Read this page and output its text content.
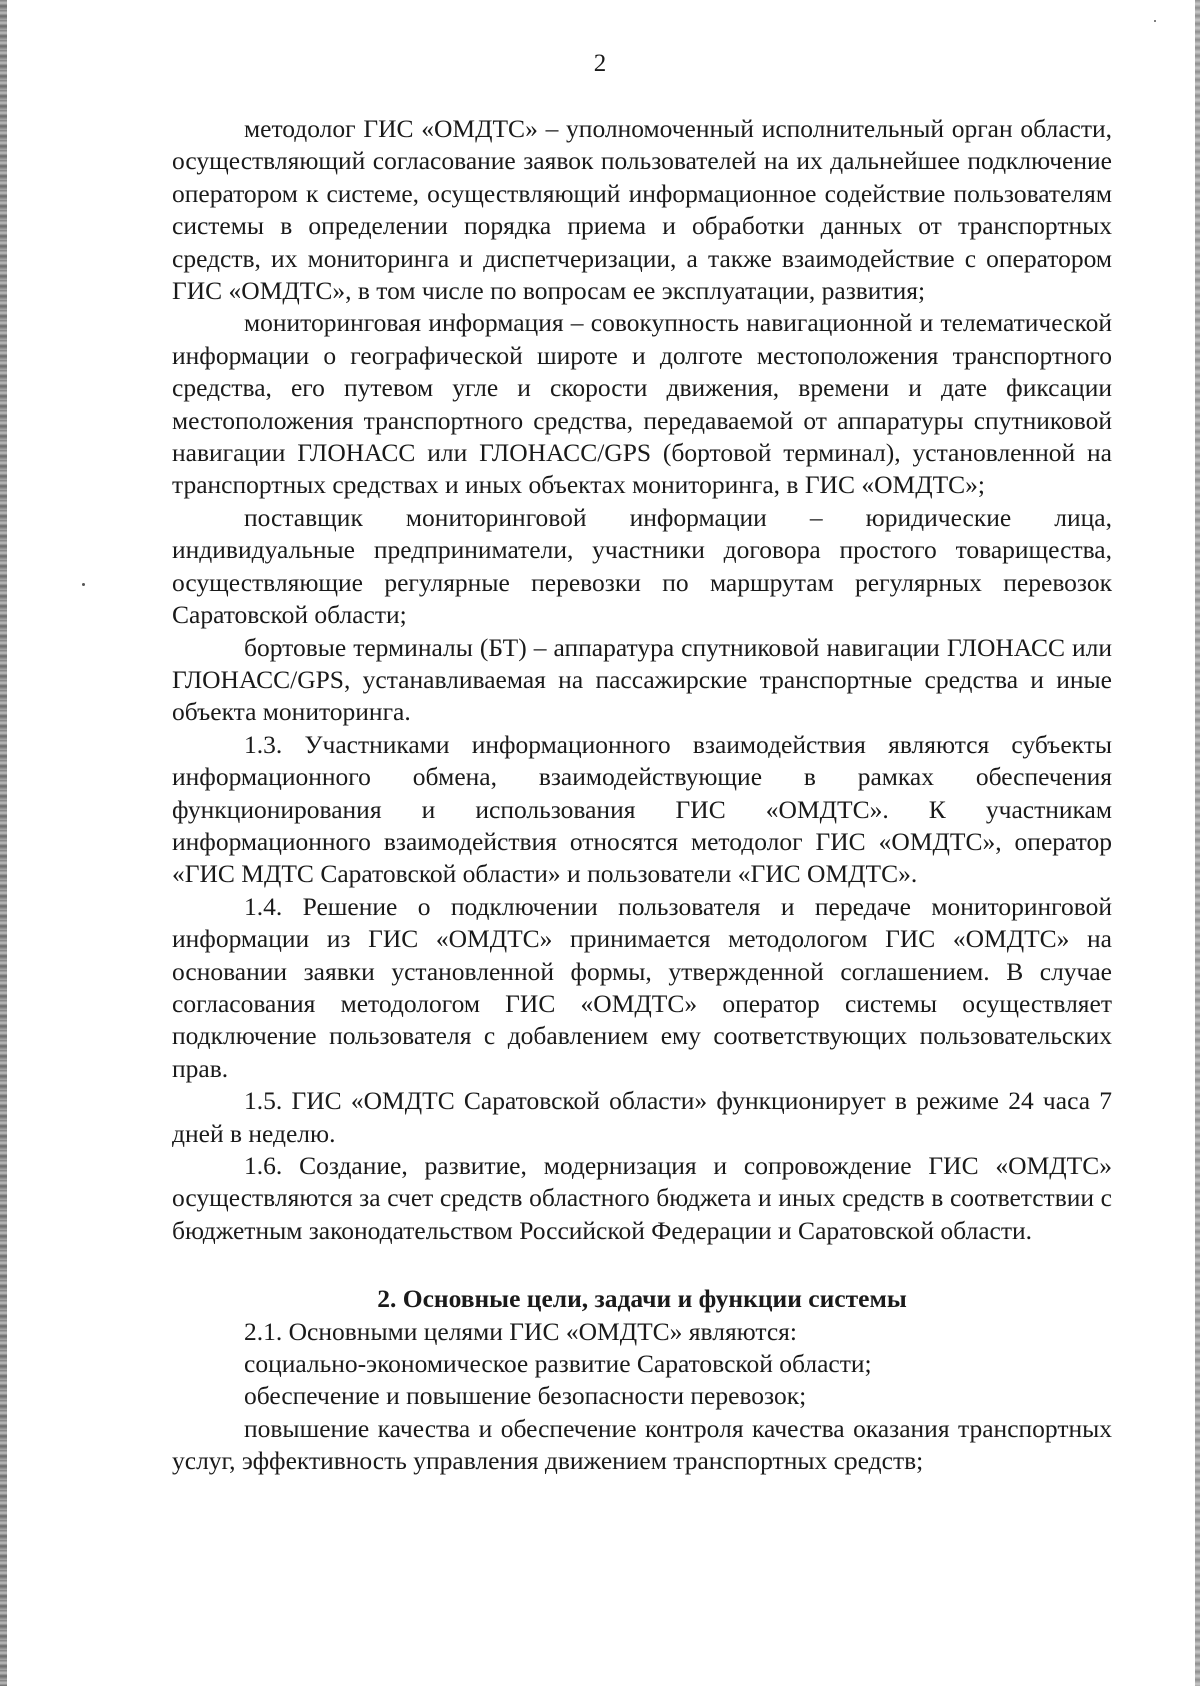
2

методолог ГИС «ОМДТС» – уполномоченный исполнительный орган области, осуществляющий согласование заявок пользователей на их дальнейшее подключение оператором к системе, осуществляющий информационное содействие пользователям системы в определении порядка приема и обработки данных от транспортных средств, их мониторинга и диспетчеризации, а также взаимодействие с оператором ГИС «ОМДТС», в том числе по вопросам ее эксплуатации, развития;

мониторинговая информация – совокупность навигационной и телематической информации о географической широте и долготе местоположения транспортного средства, его путевом угле и скорости движения, времени и дате фиксации местоположения транспортного средства, передаваемой от аппаратуры спутниковой навигации ГЛОНАСС или ГЛОНАСС/GPS (бортовой терминал), установленной на транспортных средствах и иных объектах мониторинга, в ГИС «ОМДТС»;

поставщик мониторинговой информации – юридические лица, индивидуальные предприниматели, участники договора простого товарищества, осуществляющие регулярные перевозки по маршрутам регулярных перевозок Саратовской области;

бортовые терминалы (БТ) – аппаратура спутниковой навигации ГЛОНАСС или ГЛОНАСС/GPS, устанавливаемая на пассажирские транспортные средства и иные объекта мониторинга.

1.3. Участниками информационного взаимодействия являются субъекты информационного обмена, взаимодействующие в рамках обеспечения функционирования и использования ГИС «ОМДТС». К участникам информационного взаимодействия относятся методолог ГИС «ОМДТС», оператор «ГИС МДТС Саратовской области» и пользователи «ГИС ОМДТС».

1.4. Решение о подключении пользователя и передаче мониторинговой информации из ГИС «ОМДТС» принимается методологом ГИС «ОМДТС» на основании заявки установленной формы, утвержденной соглашением. В случае согласования методологом ГИС «ОМДТС» оператор системы осуществляет подключение пользователя с добавлением ему соответствующих пользовательских прав.

1.5. ГИС «ОМДТС Саратовской области» функционирует в режиме 24 часа 7 дней в неделю.

1.6. Создание, развитие, модернизация и сопровождение ГИС «ОМДТС» осуществляются за счет средств областного бюджета и иных средств в соответствии с бюджетным законодательством Российской Федерации и Саратовской области.

2. Основные цели, задачи и функции системы

2.1. Основными целями ГИС «ОМДТС» являются:

социально-экономическое развитие Саратовской области;

обеспечение и повышение безопасности перевозок;

повышение качества и обеспечение контроля качества оказания транспортных услуг, эффективность управления движением транспортных средств;
